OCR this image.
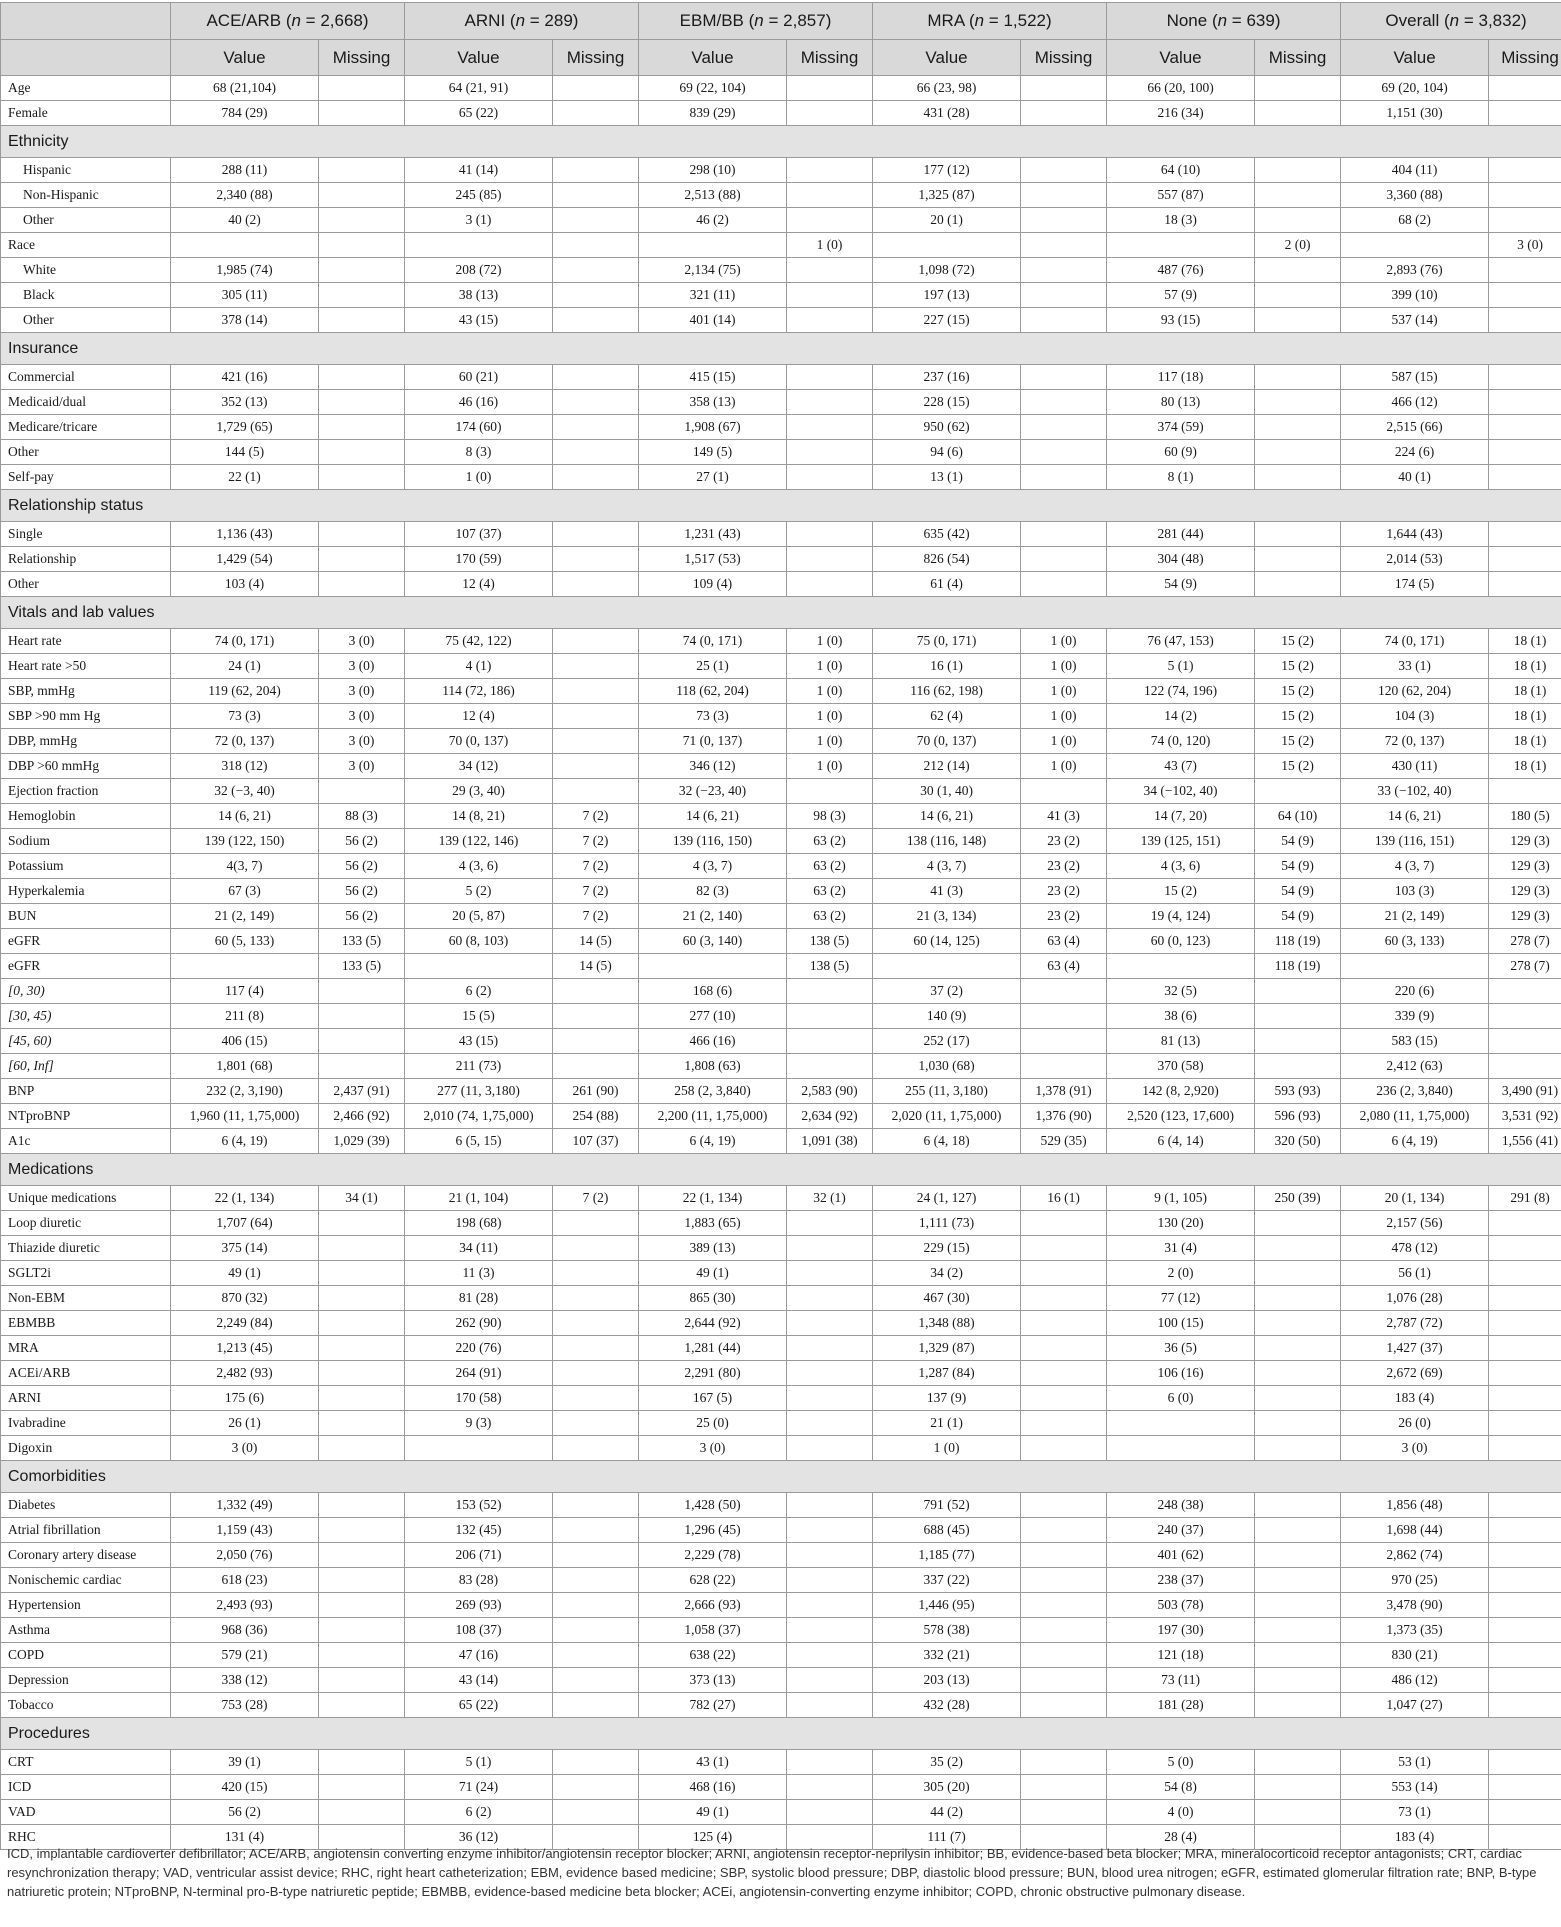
	ACE/ARB (n = 2,668)		ARNI (n = 289)		EBM/BB (n = 2,857)		MRA (n = 1,522)		None (n = 639)		Overall (n = 3,832)	
	Value	Missing	Value	Missing	Value	Missing	Value	Missing	Value	Missing	Value	Missing
Age	68 (21,104)		64 (21, 91)		69 (22, 104)		66 (23, 98)		66 (20, 100)		69 (20, 104)	
Female	784 (29)		65 (22)		839 (29)		431 (28)		216 (34)		1,151 (30)	
Ethnicity												
Hispanic	288 (11)		41 (14)		298 (10)		177 (12)		64 (10)		404 (11)	
Non-Hispanic	2,340 (88)		245 (85)		2,513 (88)		1,325 (87)		557 (87)		3,360 (88)	
Other	40 (2)		3 (1)		46 (2)		20 (1)		18 (3)		68 (2)	
Race						1 (0)				2 (0)		3 (0)
White	1,985 (74)		208 (72)		2,134 (75)		1,098 (72)		487 (76)		2,893 (76)	
Black	305 (11)		38 (13)		321 (11)		197 (13)		57 (9)		399 (10)	
Other	378 (14)		43 (15)		401 (14)		227 (15)		93 (15)		537 (14)	
Insurance												
Commercial	421 (16)		60 (21)		415 (15)		237 (16)		117 (18)		587 (15)	
Medicaid/dual	352 (13)		46 (16)		358 (13)		228 (15)		80 (13)		466 (12)	
Medicare/tricare	1,729 (65)		174 (60)		1,908 (67)		950 (62)		374 (59)		2,515 (66)	
Other	144 (5)		8 (3)		149 (5)		94 (6)		60 (9)		224 (6)	
Self-pay	22 (1)		1 (0)		27 (1)		13 (1)		8 (1)		40 (1)	
Relationship status												
Single	1,136 (43)		107 (37)		1,231 (43)		635 (42)		281 (44)		1,644 (43)	
Relationship	1,429 (54)		170 (59)		1,517 (53)		826 (54)		304 (48)		2,014 (53)	
Other	103 (4)		12 (4)		109 (4)		61 (4)		54 (9)		174 (5)	
Vitals and lab values												
Heart rate	74 (0, 171)	3 (0)	75 (42, 122)		74 (0, 171)	1 (0)	75 (0, 171)	1 (0)	76 (47, 153)	15 (2)	74 (0, 171)	18 (1)
Heart rate >50	24 (1)	3 (0)	4 (1)		25 (1)	1 (0)	16 (1)	1 (0)	5 (1)	15 (2)	33 (1)	18 (1)
SBP, mmHg	119 (62, 204)	3 (0)	114 (72, 186)		118 (62, 204)	1 (0)	116 (62, 198)	1 (0)	122 (74, 196)	15 (2)	120 (62, 204)	18 (1)
SBP >90 mm Hg	73 (3)	3 (0)	12 (4)		73 (3)	1 (0)	62 (4)	1 (0)	14 (2)	15 (2)	104 (3)	18 (1)
DBP, mmHg	72 (0, 137)	3 (0)	70 (0, 137)		71 (0, 137)	1 (0)	70 (0, 137)	1 (0)	74 (0, 120)	15 (2)	72 (0, 137)	18 (1)
DBP >60 mmHg	318 (12)	3 (0)	34 (12)		346 (12)	1 (0)	212 (14)	1 (0)	43 (7)	15 (2)	430 (11)	18 (1)
Ejection fraction	32 (−3, 40)		29 (3, 40)		32 (−23, 40)		30 (1, 40)		34 (−102, 40)		33 (−102, 40)	
Hemoglobin	14 (6, 21)	88 (3)	14 (8, 21)	7 (2)	14 (6, 21)	98 (3)	14 (6, 21)	41 (3)	14 (7, 20)	64 (10)	14 (6, 21)	180 (5)
Sodium	139 (122, 150)	56 (2)	139 (122, 146)	7 (2)	139 (116, 150)	63 (2)	138 (116, 148)	23 (2)	139 (125, 151)	54 (9)	139 (116, 151)	129 (3)
Potassium	4(3, 7)	56 (2)	4 (3, 6)	7 (2)	4 (3, 7)	63 (2)	4 (3, 7)	23 (2)	4 (3, 6)	54 (9)	4 (3, 7)	129 (3)
Hyperkalemia	67 (3)	56 (2)	5 (2)	7 (2)	82 (3)	63 (2)	41 (3)	23 (2)	15 (2)	54 (9)	103 (3)	129 (3)
BUN	21 (2, 149)	56 (2)	20 (5, 87)	7 (2)	21 (2, 140)	63 (2)	21 (3, 134)	23 (2)	19 (4, 124)	54 (9)	21 (2, 149)	129 (3)
eGFR	60 (5, 133)	133 (5)	60 (8, 103)	14 (5)	60 (3, 140)	138 (5)	60 (14, 125)	63 (4)	60 (0, 123)	118 (19)	60 (3, 133)	278 (7)
eGFR		133 (5)		14 (5)		138 (5)		63 (4)		118 (19)		278 (7)
[0, 30)	117 (4)		6 (2)		168 (6)		37 (2)		32 (5)		220 (6)	
[30, 45)	211 (8)		15 (5)		277 (10)		140 (9)		38 (6)		339 (9)	
[45, 60)	406 (15)		43 (15)		466 (16)		252 (17)		81 (13)		583 (15)	
[60, Inf]	1,801 (68)		211 (73)		1,808 (63)		1,030 (68)		370 (58)		2,412 (63)	
BNP	232 (2, 3,190)	2,437 (91)	277 (11, 3,180)	261 (90)	258 (2, 3,840)	2,583 (90)	255 (11, 3,180)	1,378 (91)	142 (8, 2,920)	593 (93)	236 (2, 3,840)	3,490 (91)
NTproBNP	1,960 (11, 1,75,000)	2,466 (92)	2,010 (74, 1,75,000)	254 (88)	2,200 (11, 1,75,000)	2,634 (92)	2,020 (11, 1,75,000)	1,376 (90)	2,520 (123, 17,600)	596 (93)	2,080 (11, 1,75,000)	3,531 (92)
A1c	6 (4, 19)	1,029 (39)	6 (5, 15)	107 (37)	6 (4, 19)	1,091 (38)	6 (4, 18)	529 (35)	6 (4, 14)	320 (50)	6 (4, 19)	1,556 (41)
Medications												
Unique medications	22 (1, 134)	34 (1)	21 (1, 104)	7 (2)	22 (1, 134)	32 (1)	24 (1, 127)	16 (1)	9 (1, 105)	250 (39)	20 (1, 134)	291 (8)
Loop diuretic	1,707 (64)		198 (68)		1,883 (65)		1,111 (73)		130 (20)		2,157 (56)	
Thiazide diuretic	375 (14)		34 (11)		389 (13)		229 (15)		31 (4)		478 (12)	
SGLT2i	49 (1)		11 (3)		49 (1)		34 (2)		2 (0)		56 (1)	
Non-EBM	870 (32)		81 (28)		865 (30)		467 (30)		77 (12)		1,076 (28)	
EBMBB	2,249 (84)		262 (90)		2,644 (92)		1,348 (88)		100 (15)		2,787 (72)	
MRA	1,213 (45)		220 (76)		1,281 (44)		1,329 (87)		36 (5)		1,427 (37)	
ACEi/ARB	2,482 (93)		264 (91)		2,291 (80)		1,287 (84)		106 (16)		2,672 (69)	
ARNI	175 (6)		170 (58)		167 (5)		137 (9)		6 (0)		183 (4)	
Ivabradine	26 (1)		9 (3)		25 (0)		21 (1)				26 (0)	
Digoxin	3 (0)				3 (0)		1 (0)				3 (0)	
Comorbidities												
Diabetes	1,332 (49)		153 (52)		1,428 (50)		791 (52)		248 (38)		1,856 (48)	
Atrial fibrillation	1,159 (43)		132 (45)		1,296 (45)		688 (45)		240 (37)		1,698 (44)	
Coronary artery disease	2,050 (76)		206 (71)		2,229 (78)		1,185 (77)		401 (62)		2,862 (74)	
Nonischemic cardiac	618 (23)		83 (28)		628 (22)		337 (22)		238 (37)		970 (25)	
Hypertension	2,493 (93)		269 (93)		2,666 (93)		1,446 (95)		503 (78)		3,478 (90)	
Asthma	968 (36)		108 (37)		1,058 (37)		578 (38)		197 (30)		1,373 (35)	
COPD	579 (21)		47 (16)		638 (22)		332 (21)		121 (18)		830 (21)	
Depression	338 (12)		43 (14)		373 (13)		203 (13)		73 (11)		486 (12)	
Tobacco	753 (28)		65 (22)		782 (27)		432 (28)		181 (28)		1,047 (27)	
Procedures												
CRT	39 (1)		5 (1)		43 (1)		35 (2)		5 (0)		53 (1)	
ICD	420 (15)		71 (24)		468 (16)		305 (20)		54 (8)		553 (14)	
VAD	56 (2)		6 (2)		49 (1)		44 (2)		4 (0)		73 (1)	
RHC	131 (4)		36 (12)		125 (4)		111 (7)		28 (4)		183 (4)	
ICD, implantable cardioverter defibrillator; ACE/ARB, angiotensin converting enzyme inhibitor/angiotensin receptor blocker; ARNI, angiotensin receptor-neprilysin inhibitor; BB, evidence-based beta blocker; MRA, mineralocorticoid receptor antagonists; CRT, cardiac resynchronization therapy; VAD, ventricular assist device; RHC, right heart catheterization; EBM, evidence based medicine; SBP, systolic blood pressure; DBP, diastolic blood pressure; BUN, blood urea nitrogen; eGFR, estimated glomerular filtration rate; BNP, B-type natriuretic protein; NTproBNP, N-terminal pro-B-type natriuretic peptide; EBMBB, evidence-based medicine beta blocker; ACEi, angiotensin-converting enzyme inhibitor; COPD, chronic obstructive pulmonary disease.
